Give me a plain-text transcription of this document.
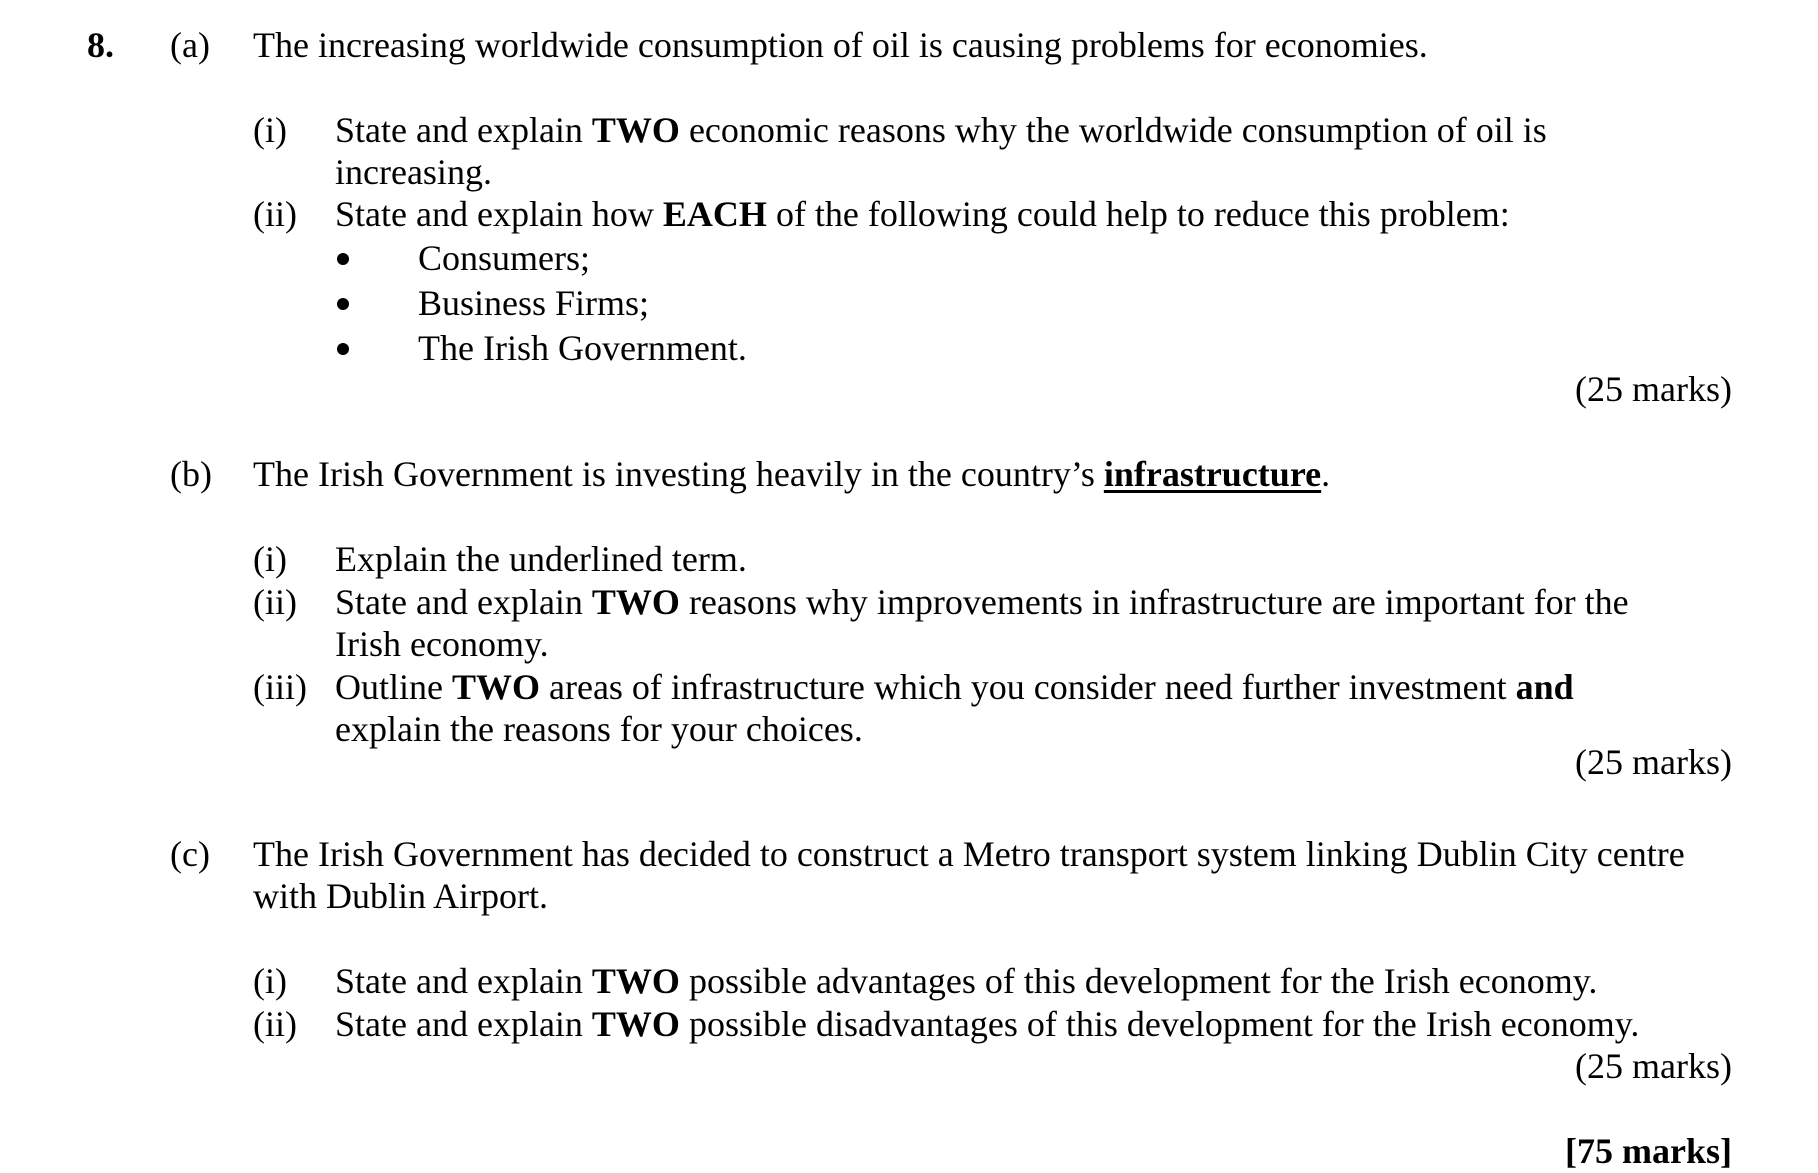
8. (a) The increasing worldwide consumption of oil is causing problems for economies.
(i) State and explain TWO economic reasons why the worldwide consumption of oil is
increasing.
(ii) State and explain how EACH of the following could help to reduce this problem:
Consumers;
Business Firms;
The Irish Government.
(25 marks)
(b) The Irish Government is investing heavily in the country’s infrastructure.
(i) Explain the underlined term.
(ii) State and explain TWO reasons why improvements in infrastructure are important for the
Irish economy.
(iii) Outline TWO areas of infrastructure which you consider need further investment and
explain the reasons for your choices.
(25 marks)
(c) The Irish Government has decided to construct a Metro transport system linking Dublin City centre
with Dublin Airport.
(i) State and explain TWO possible advantages of this development for the Irish economy.
(ii) State and explain TWO possible disadvantages of this development for the Irish economy.
(25 marks)
[75 marks]
